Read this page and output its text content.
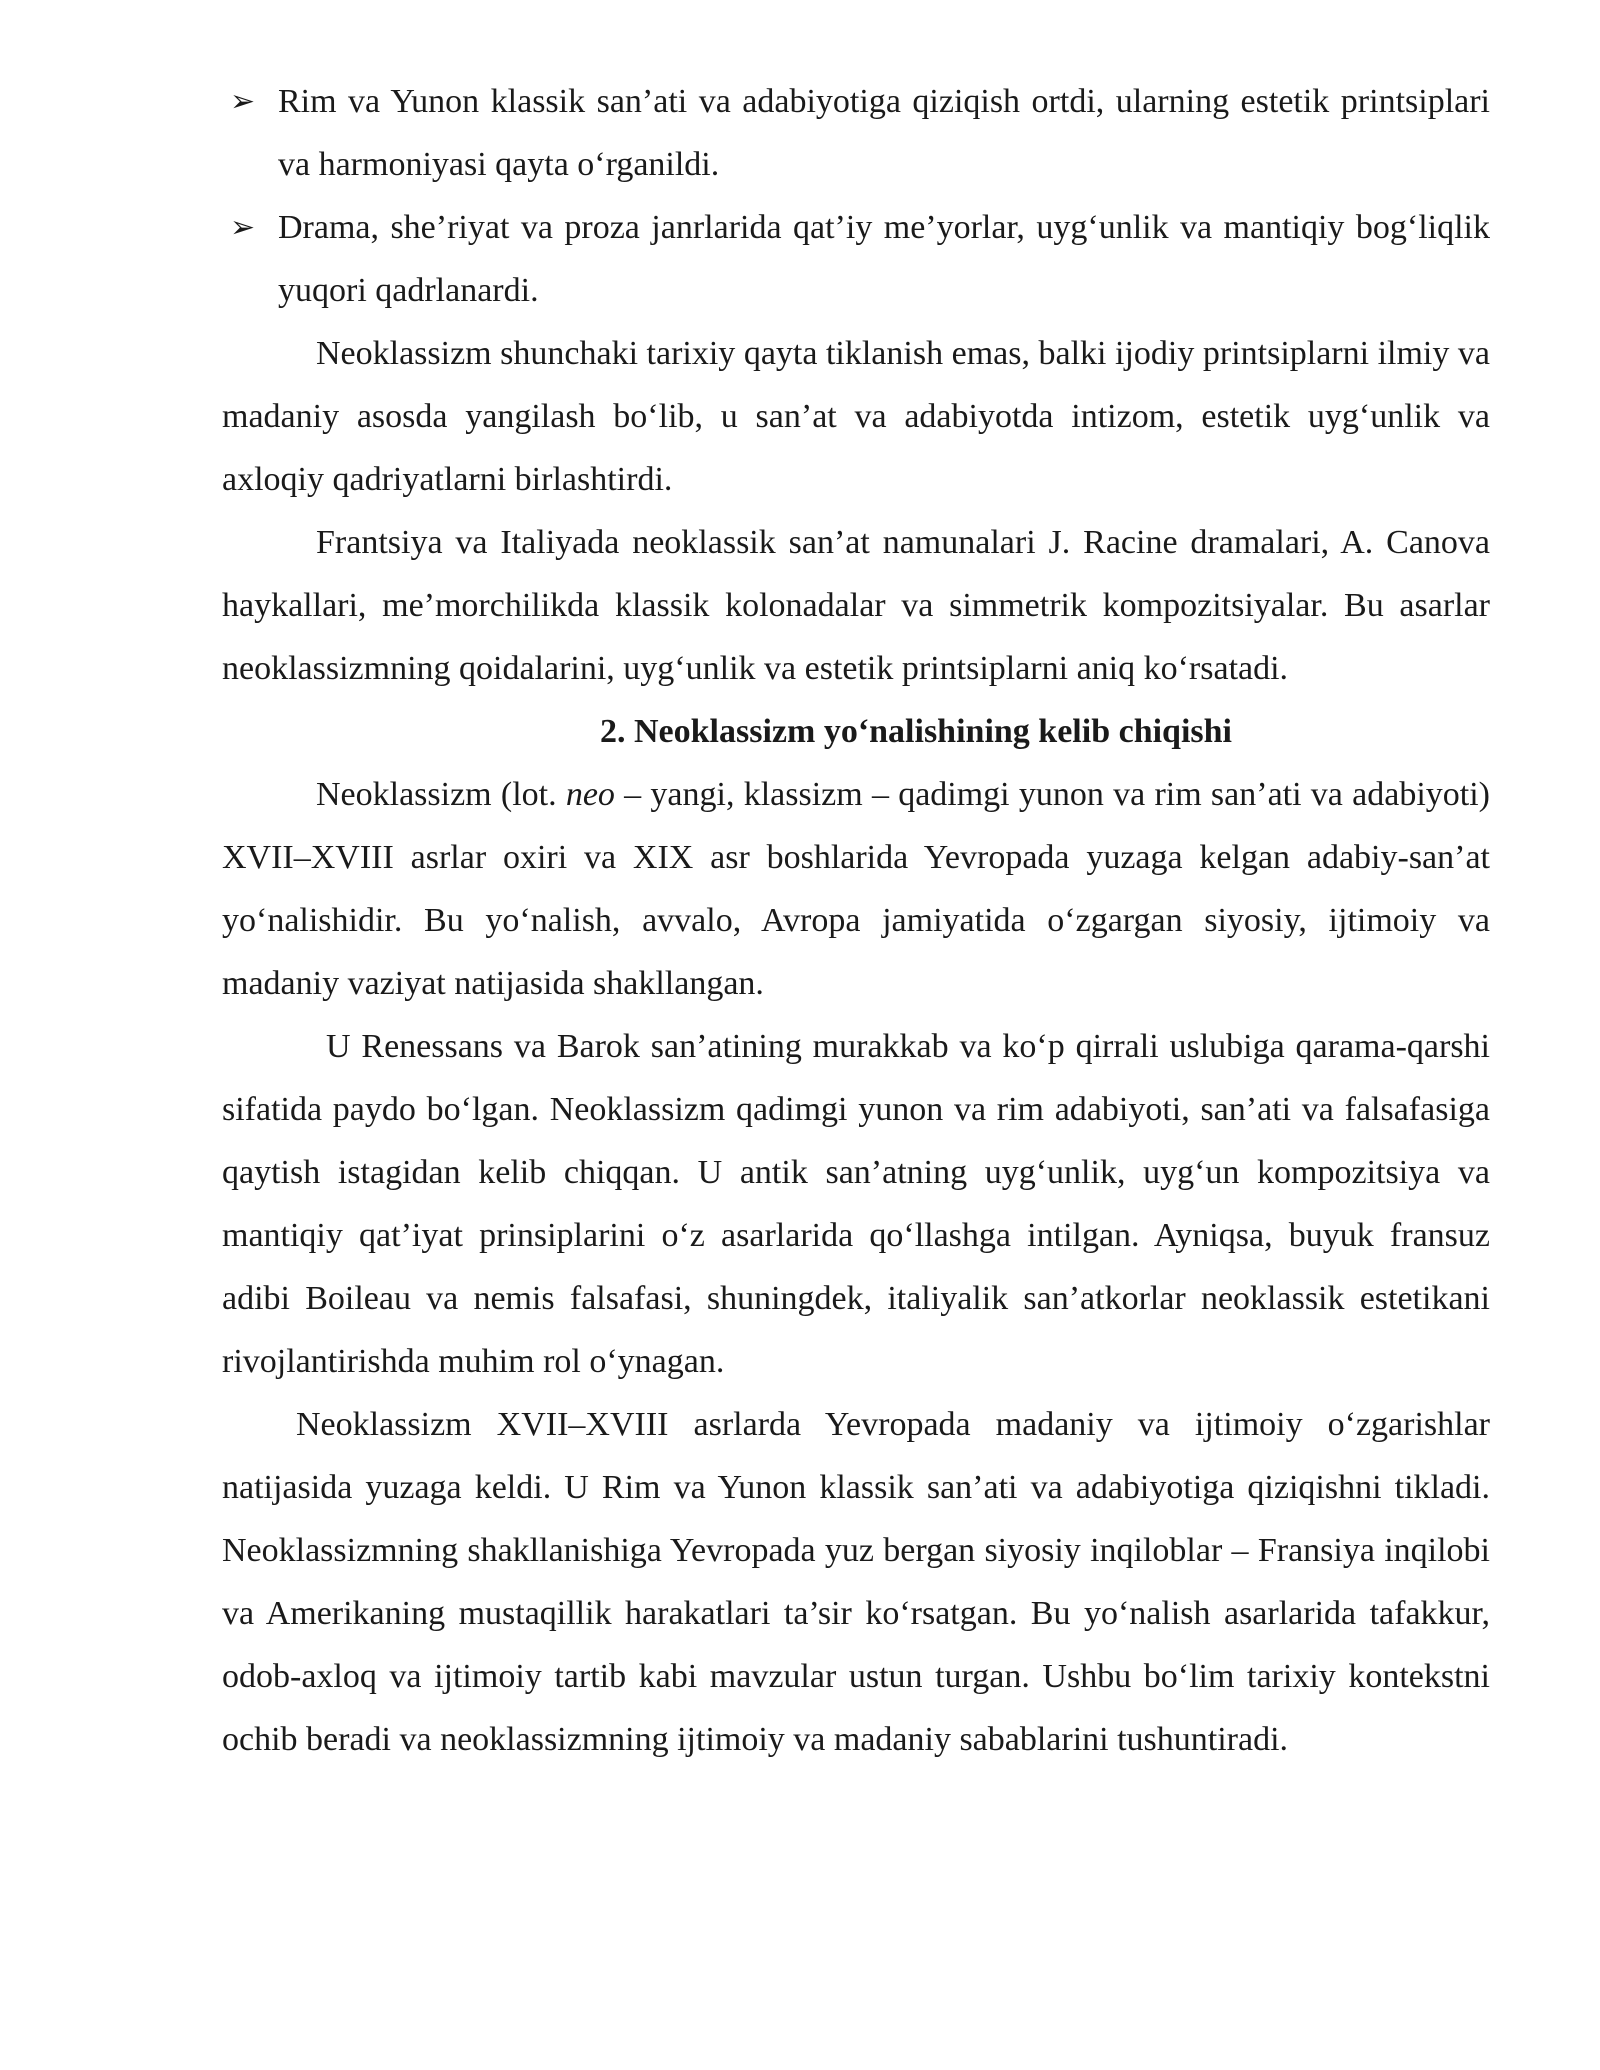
➢ Rim va Yunon klassik san’ati va adabiyotiga qiziqish ortdi, ularning estetik printsiplari va harmoniyasi qayta o‘rganildi.
➢ Drama, she’riyat va proza janrlarida qat’iy me’yorlar, uyg‘unlik va mantiqiy bog‘liqlik yuqori qadrlanardi.

Neoklassizm shunchaki tarixiy qayta tiklanish emas, balki ijodiy printsiplarni ilmiy va madaniy asosda yangilash bo‘lib, u san’at va adabiyotda intizom, estetik uyg‘unlik va axloqiy qadriyatlarni birlashtirdi.

Frantsiya va Italiyada neoklassik san’at namunalari J. Racine dramalari, A. Canova haykallari, me’morchilikda klassik kolonadalar va simmetrik kompozitsiyalar. Bu asarlar neoklassizmning qoidalarini, uyg‘unlik va estetik printsiplarni aniq ko‘rsatadi.

2. Neoklassizm yo‘nalishining kelib chiqishi

Neoklassizm (lot. neo – yangi, klassizm – qadimgi yunon va rim san’ati va adabiyoti) XVII–XVIII asrlar oxiri va XIX asr boshlarida Yevropada yuzaga kelgan adabiy-san’at yo‘nalishidir. Bu yo‘nalish, avvalo, Avropa jamiyatida o‘zgargan siyosiy, ijtimoiy va madaniy vaziyat natijasida shakllangan.

U Renessans va Barok san’atining murakkab va ko‘p qirrali uslubiga qarama-qarshi sifatida paydo bo‘lgan. Neoklassizm qadimgi yunon va rim adabiyoti, san’ati va falsafasiga qaytish istagidan kelib chiqqan. U antik san’atning uyg‘unlik, uyg‘un kompozitsiya va mantiqiy qat’iyat prinsiplarini o‘z asarlarida qo‘llashga intilgan. Ayniqsa, buyuk fransuz adibi Boileau va nemis falsafasi, shuningdek, italiyalik san’atkorlar neoklassik estetikani rivojlantirishda muhim rol o‘ynagan.

Neoklassizm XVII–XVIII asrlarda Yevropada madaniy va ijtimoiy o‘zgarishlar natijasida yuzaga keldi. U Rim va Yunon klassik san’ati va adabiyotiga qiziqishni tikladi. Neoklassizmning shakllanishiga Yevropada yuz bergan siyosiy inqiloblar – Fransiya inqilobi va Amerikaning mustaqillik harakatlari ta’sir ko‘rsatgan. Bu yo‘nalish asarlarida tafakkur, odob-axloq va ijtimoiy tartib kabi mavzular ustun turgan. Ushbu bo‘lim tarixiy kontekstni ochib beradi va neoklassizmning ijtimoiy va madaniy sabablarini tushuntiradi.
